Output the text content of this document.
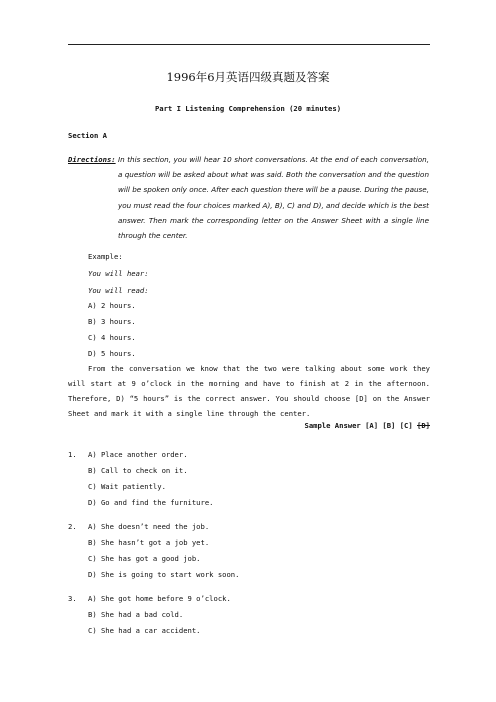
1996年6月英语四级真题及答案
Part I Listening Comprehension (20 minutes)
Section A
Directions: In this section, you will hear 10 short conversations. At the end of each conversation, a question will be asked about what was said. Both the conversation and the question will be spoken only once. After each question there will be a pause. During the pause, you must read the four choices marked A), B), C) and D), and decide which is the best answer. Then mark the corresponding letter on the Answer Sheet with a single line through the center.
Example:
You will hear:
You will read:
A) 2 hours.
B) 3 hours.
C) 4 hours.
D) 5 hours.
From the conversation we know that the two were talking about some work they will start at 9 o’clock in the morning and have to finish at 2 in the afternoon. Therefore, D) “5 hours” is the correct answer. You should choose [D] on the Answer Sheet and mark it with a single line through the center.
Sample Answer [A] [B] [C] [D]
1. A) Place another order.
B) Call to check on it.
C) Wait patiently.
D) Go and find the furniture.
2. A) She doesn’t need the job.
B) She hasn’t got a job yet.
C) She has got a good job.
D) She is going to start work soon.
3. A) She got home before 9 o’clock.
B) She had a bad cold.
C) She had a car accident.
